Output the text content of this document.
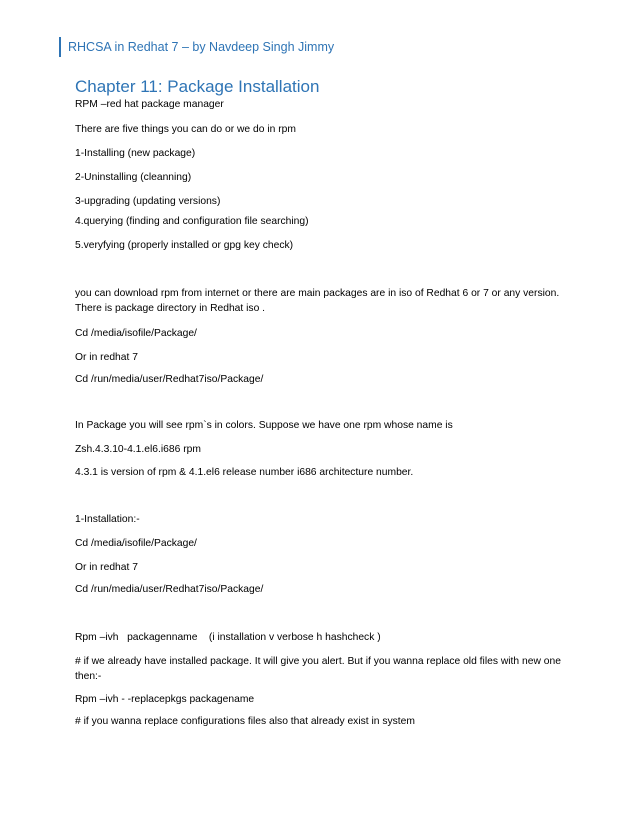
RHCSA in Redhat 7 – by Navdeep Singh Jimmy
Chapter 11: Package Installation
RPM –red hat package manager
There are five things you can do or we do in rpm
1-Installing (new package)
2-Uninstalling (cleanning)
3-upgrading (updating versions)
4.querying (finding and configuration file searching)
5.veryfying (properly installed or gpg key check)
you can download rpm from internet or there are main packages are in iso of Redhat 6 or 7 or any version. There is package directory in Redhat iso .
Cd /media/isofile/Package/
Or in redhat 7
Cd /run/media/user/Redhat7iso/Package/
In Package you will see rpm`s in colors. Suppose we have one rpm whose name is
Zsh.4.3.10-4.1.el6.i686 rpm
4.3.1 is version of rpm & 4.1.el6 release number i686 architecture number.
1-Installation:-
Cd /media/isofile/Package/
Or in redhat 7
Cd /run/media/user/Redhat7iso/Package/
Rpm –ivh   packagenname    (i installation v verbose h hashcheck )
# if we already have installed package. It will give you alert. But if you wanna replace old files with new one then:-
Rpm –ivh - -replacepkgs packagename
# if you wanna replace configurations files also that already exist in system
